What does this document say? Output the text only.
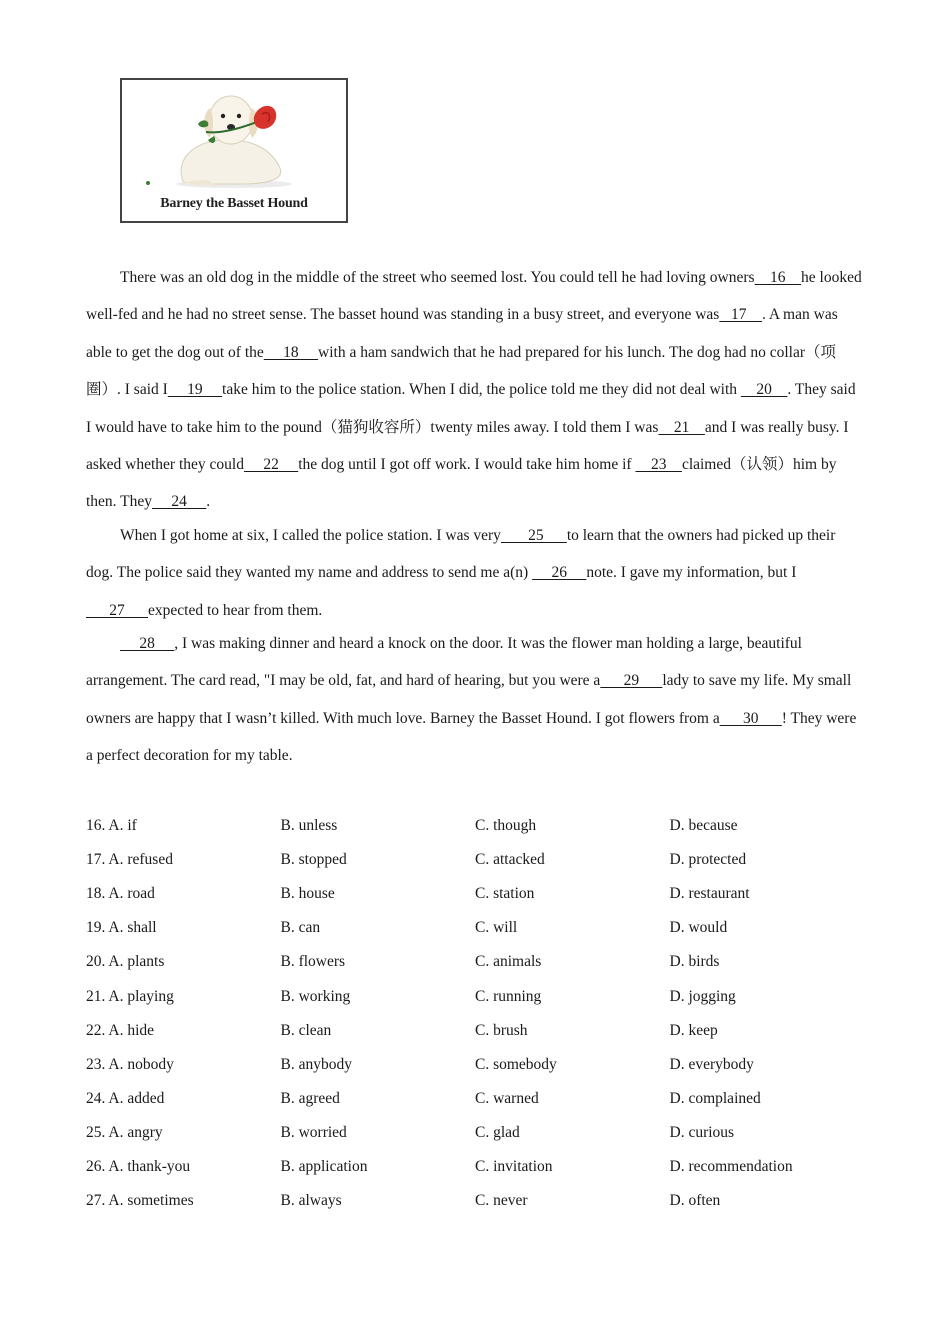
Barney the Basset Hound

There was an old dog in the middle of the street who seemed lost. You could tell he had loving owners    16    he looked well-fed and he had no street sense. The basset hound was standing in a busy street, and everyone was   17    . A man was able to get the dog out of the     18     with a ham sandwich that he had prepared for his lunch. The dog had no collar（项圈）. I said I     19     take him to the police station. When I did, the police told me they did not deal with     20    . They said I would have to take him to the pound（猫狗收容所）twenty miles away. I told them I was    21    and I was really busy. I asked whether they could     22     the dog until I got off work. I would take him home if     23    claimed（认领）him by then. They     24     .

When I got home at six, I called the police station. I was very       25      to learn that the owners had picked up their dog. The police said they wanted my name and address to send me a(n)      26     note. I gave my information, but I      27      expected to hear from them.

28     , I was making dinner and heard a knock on the door. It was the flower man holding a large, beautiful arrangement. The card read, "I may be old, fat, and hard of hearing, but you were a      29      lady to save my life. My small owners are happy that I wasn’t killed. With much love. Barney the Basset Hound. I got flowers from a      30      ! They were a perfect decoration for my table.

16. A. if	B. unless	C. though	D. because
17. A. refused	B. stopped	C. attacked	D. protected
18. A. road	B. house	C. station	D. restaurant
19. A. shall	B. can	C. will	D. would
20. A. plants	B. flowers	C. animals	D. birds
21. A. playing	B. working	C. running	D. jogging
22. A. hide	B. clean	C. brush	D. keep
23. A. nobody	B. anybody	C. somebody	D. everybody
24. A. added	B. agreed	C. warned	D. complained
25. A. angry	B. worried	C. glad	D. curious
26. A. thank-you	B. application	C. invitation	D. recommendation
27. A. sometimes	B. always	C. never	D. often
